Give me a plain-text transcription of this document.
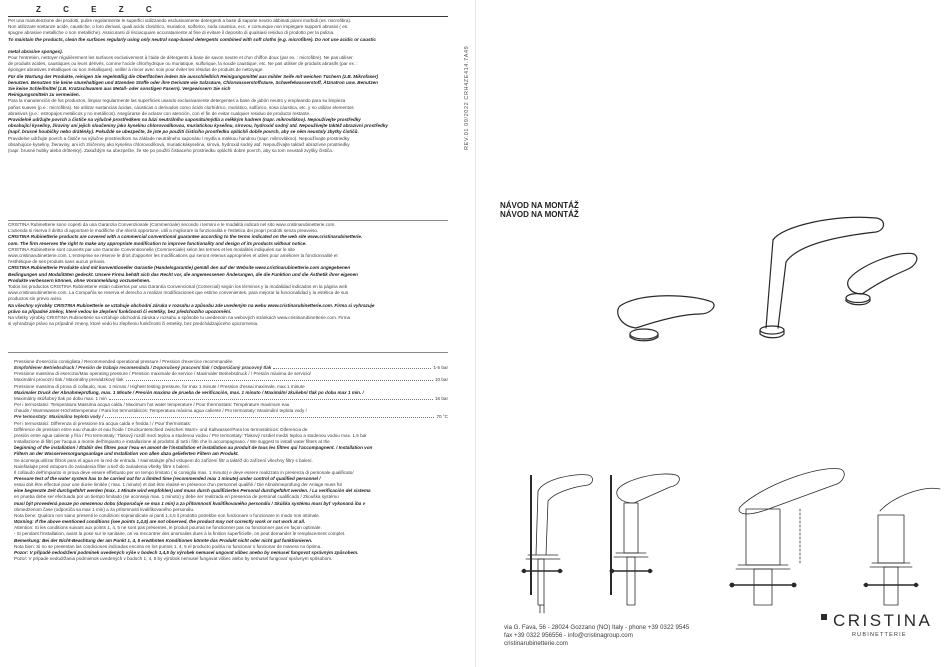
Z	C	E	Z	C

Per una manutenzione dei prodotti, pulire regolarmente le superfici utilizzando esclusivamente detergenti a base di sapone neutro abbinati panni morbidi (es. microfibra).

Non utilizzare sostanze acide, caustiche, o loro derivati, quali acido cloridrico, muriatico, solforico, soda caustica, ecc. e comunque non impiegare supporti abrasivi ( es.

spugne abrasive metalliche o non metalliche). Assicurarsi di risciacquare accuratamente al fine di evitare il deposito di qualsiasi residuo di prodotto per la pulizia.

To maintain the products, clean the surfaces regularly using only neutral soap-based detergents combined with soft cloths (e.g. microfibre). Do not use acidic or caustic

metal abrasive sponges).

Pour l'entretien, nettoyer régulièrement les surfaces exclusivement à l'aide de détergents à base de savon neutre et d'un chiffon doux (par ex. : microfibre). Ne pas utiliser

de produits acides, caustiques ou leurs dérivés, comme l'acide chlorhydrique ou muriatique, sulfurique, la soude caustique, etc. Ne pas utiliser de produits abrasifs (par ex. :

éponges abrasives métalliques ou non métalliques). veiller à rincer avec soin pour éviter les résidus de produits de nettoyage.

Für die Wartung der Produkte, reinigen Sie regelmäßig die Oberflächen indem Sie ausschließlich Reinigungsmittel aus milder Seife mit weichen Tüchern (z.B. Mikrofaser)

benutzen. Benutzen Sie keine säurehaltigen und ätzenden Stoffe oder ihre Derivate wie Salzsäure, Chlorwasserstoffsäure, Schwefelwasserstoff, Ätznatron usw. Benutzen

Sie keine Schleifmittel (z.B. Kratzschwamm aus Metall- oder sonstigen Fasern). Vergewissern Sie sich

Reinigungsmitteln zu vermeiden.

Para la manutención de los productos, limpiar regularmente las superficies usando exclusivamente detergentes a base de jabón neutro y empleando para su limpieza

paños suaves (p.e.: microfibra). No utilizar sustancias ácidas, cáusticas o derivados como ácido clorhídrico, muriático, sulfúrico, sosa cáustica, etc. y no utilizar elementos

abrasivos (p.e.: estropajos metálicos y no metálicos). Asegúrarse de aclarar con atención, con el fin de evitar cualquier residuo de producto restante.

Pravidelně udržujte povrch a čističe na výlučně prostředkem na bázi neutrálního saponátu/mýdla a měkkým hadrem (napr. mikrovlákno). Nepoužívejte prostředky

obsahující kyseliny, žíraviny ani jejich sloučeniny jako kyselinu chlorovodíkovou, muriatickou kyselinu, sírovou, hydroxid sodný atd. Nepoužívejte taktéž abrazivní prostředky

(např. brusné houbičky nebo drátěnky). Pokuždé se ubezpečte, že jste po použití čisticího prostředku opláchli dobře povrch, aby se něm neustaly zbytky čističů.

Pravidelne udržujte povrch a čističe na výlučne prostriedkom na základe neutrálneho saponátu / mydla a mäkkou handrou (napr. mikrovlákno). Nepoužívajte prostriedky

obsahujúce kyseliny, žieraviny, ani ich zlúčeniny ako kyselina chlorovodíková, muriatickákyselina, sírová, hydroxid sodný atď. Nepoužívajte taktiež abrazívne prostriedky

(napr. brusné hubky alebo drôtenky). Zakaždým sa ubezpečte, že ste po použití čistiaceho prostriedku opláchli dobre povrch, aby sa tom neustali zvyšky čističa.

CRISTINA Rubinetterie sono coperti da una Garanzia Convenzionale (Commerciale) secondo i termini e le modalità indicati nel sito www.cristinarubinetterie.com.

L'azienda si riserva il diritto di apportare le modifiche che riterrà opportune, utili a migliorare la funzionalità e l'estetica dei propri prodotti senza preavviso.

CRISTINA Rubinetterie products are covered with a commercial conventional guarantee according to the terms indicated on the web site www.cristinarubinetterie.

com. The firm reserves the right to make any appropriate modification to improve functionality and design of its products without notice.

CRISTINA Rubinetterie sont couverts par une Garantie Conventionnelle (Commerciale) selon les termes et les modalités indiquées sur le site

www.cristinarubinetterie.com. L'entreprise se réserve le droit d'apporter les modifications qui seront retenus appropriées et utiles pour améliorer la fonctionnalité et

l'esthétique de ses produits sans aucun préavis.

CRISTINA Rubinetterie Produkte sind mit konventioneller Garantie (Handelsgarantie) gemäß den auf der Website www.cristinarubinetterie.com angegebenen

Bedingungen und Modalitäten gedeckt. Unsere Firma behält sich das Recht vor, die angemessenen Änderungen, die die Funktion und die Ästhetik ihrer eigenen

Produkte verbessern können, ohne Voranmeldung vorzunehmen.

Todos los productos CRISTINA Rubinetterie están cubiertos por una Garantía Convencional (Comercial) según los términos y la modalidad indicados en la página web

www.cristinarubinetterie.com. La Compañía se reserva el derecho a realizar modificaciones que estime convenientes, para mejorar la funcionalidad y la estética de sus

productos sin previo aviso.

Na všechny výrobky CRISTINA Rubinetterie se vztahuje obchodní záruka v rozsahu a způsobu zde uvedeným na webu www.cristinarubinetterie.com. Firma si vyhrazuje

právo na případné změny, které vedou ke zlepšení funkčnosti či estetiky, bez předchozího upozornění.

Na všetky výrobky CRISTINA Rubinetterie sa vzťahuje obchodná záruka v rozsahu a spôsobe tu uvedenom na webových stránkach www.cristinarubinetterie.com. Firma

si vyhradzuje právo na prípadné zmeny, ktoré vedú ku zlepšeniu funkčnosti či estetiky, bez predchádzajúceho upozornenia.

Pressione d'esercizio consigliata / Recommended operational pressure / Pression d'exercice recommandée

Empfohlener Betriebsdruck / Presión de trabajo recomendada / Doporučený pracovní tlak / Odporúčaný pracovný tlak	1-5 bar

Pressione massima di esercizio/Max operating pressure / Pression maximale de service / Maximaler Betriebsdruck / / Presión máxima de servicio/

Maximální provozní tlak / Maximálny prevádzkový tlak	10 bar

Pressione massima di prova di collaudo, max. 1 minuto / Highest testing pressure, for max 1 minute / Pression d'essai maximale, max 1 minute

Maximaler Druck der Abnahmeprüfung, max. 1 Minute / Presión maxima de prueba de verificación, max. 1 minuto / Maximální zkušební tlak po dobu max 1 min. /

Maximálny skúšobný tlak po dobu max. 1 min	16 bar

Per i termostatici: Temperatura Massima acqua calda / Maximum hot water temperature / Pour thermostats: Température maximum eau

chaude / Warmwasser-Höchsttemperatur / Para los termostáticos: Temperatura máxima agua caliente / Pro termostaty: Maximální teplota vody /

Pre termostaty: Maximálna teplota vody /	70 °C

Per i termostatici: Differenza di pressione tra acqua calda e fredda / / Pour thermostats:

Différence de pression entre eau chaude et eau froide / Druckunterschied zwischen Warm- und Kaltwasser/Para los termostáticos: Diferencia de

presión entre agua caliente y fría / Pro termostaty: Tlakový rozdíl mezi teplou a studenou vodou / Pre termostaty: Tlakový rozdiel medzi teplou a studenou vodou max. 1,5 bar

Installazione di filtri per l'acqua a monte dell'impianto e installazione al prodotto di tutti i filtri che lo accompagnano. / We suggest to install water filters at the

beginning of the installation / Établir des filtres pour l'eau en amont de l'installation et installation au produit de tous les filtres qui l'accompagnent. / Installation von

Filtern an der Wasserversorgungsanlage und Installation von allen dazu gelieferten Filtern am Produkt.

Se aconseja utilizar filtros para el agua en la red de entrada. / Nainstalujte před vstupem do zařízení filtr a taktéž do zařízení všechny filtry s balení.

Nainštalujte pred vstupom do zariadenia filter a tiež do zariadenia všetky filtre s balení.

Il collaudo dell'impianto in prova deve essere effettuato per un tempo limitato ( si consiglia max. 1 minuto) e deve essere realizzato in presenza di personale qualificato/

Pressure test of the water system has to be carried out for a limited time (recommended max 1 minute) under control of qualified personnel /

essai doit être effectué pour une durée limitée ( max. 1 minute) et doit être réalisé en présence d'un personnel qualifié / Die Abnahmeprüfung der Anlage muss für

eine begrenzte Zeit durchgeführt werden (max. 1 Minute wird empfohlen) und muss durch qualifiziertes Personal durchgeführt werden. / La verificación del sistema

en prueba debe ser efectuada por un tiempo limitado (se aconseja max. 1 minuto) y debe ser realizada en presencia de personal cualificado / Zkouška systému

musí být provedená pouze po omezenou dobu (doporučuje se max 1 min) a za přítomnosti kvalifikovaného personálu / Skúška systému musí byť vykonaná iba v

obmedzenom čase (odporúča sa max 1 min) a za prítomnosti kvalifikovaného personálu.

Nota bene: Qualora non siano presenti le condizioni sopraindicate ai punti 1,4,5 il prodotto potrebbe non funzionare o funzionare in modo non ottimale.

Warning: If the above mentioned conditions (see points 1,4,5) are not observed, the product may not correctly work or not work at all.

Attention: Si les conditions suivant aux points 1, 4, 5 ne sont pas présentes, le produit pourrait ne fonctionner pas ou fonctionner pas en façon optimale.

- Si pendant l'installation, avant la pose sur le sanitaire, on va rencontrer des anomalies dues à la finition superficielle, on peut demander le remplacement complet.

Bemerkung: Bei der Nicht-Beachtung der am Punkt 1, 4, 5 erwähnten Konditionen könnte das Produkt nicht oder nicht gut funktionieren.

Nota bien: Si no se presentan las condiciones indicadas encima en los puntos 1, 4, 5 el producto podría no funcionar o funcionar de manera no óptima.

Pozor: V případě nedodržení podmínek uvedených výše v bodech 1,4,5 by výrobek nemusel ungovat vůbec anebo by nemusel fungovat správným způsobem.

Pozor: V prípade nedodržania podmienok uvedených v bodoch 1, 4, 5 by výrobok nemusel fungovat vôbec alebo by nemusel fungovať správnym spôsobom.

REV.01 09/2022 CRH4ZE414.7A49
NÁVOD NA MONTÁŽ
NÁVOD NA MONTÁŽ
via G. Fava, 56 - 28024 Gozzano (NO) Italy - phone +39 0322 9545
fax +39 0322 956556 - info@cristinagroup.com
cristinarubinetterie.com
CRISTINA
RUBINETTERIE
